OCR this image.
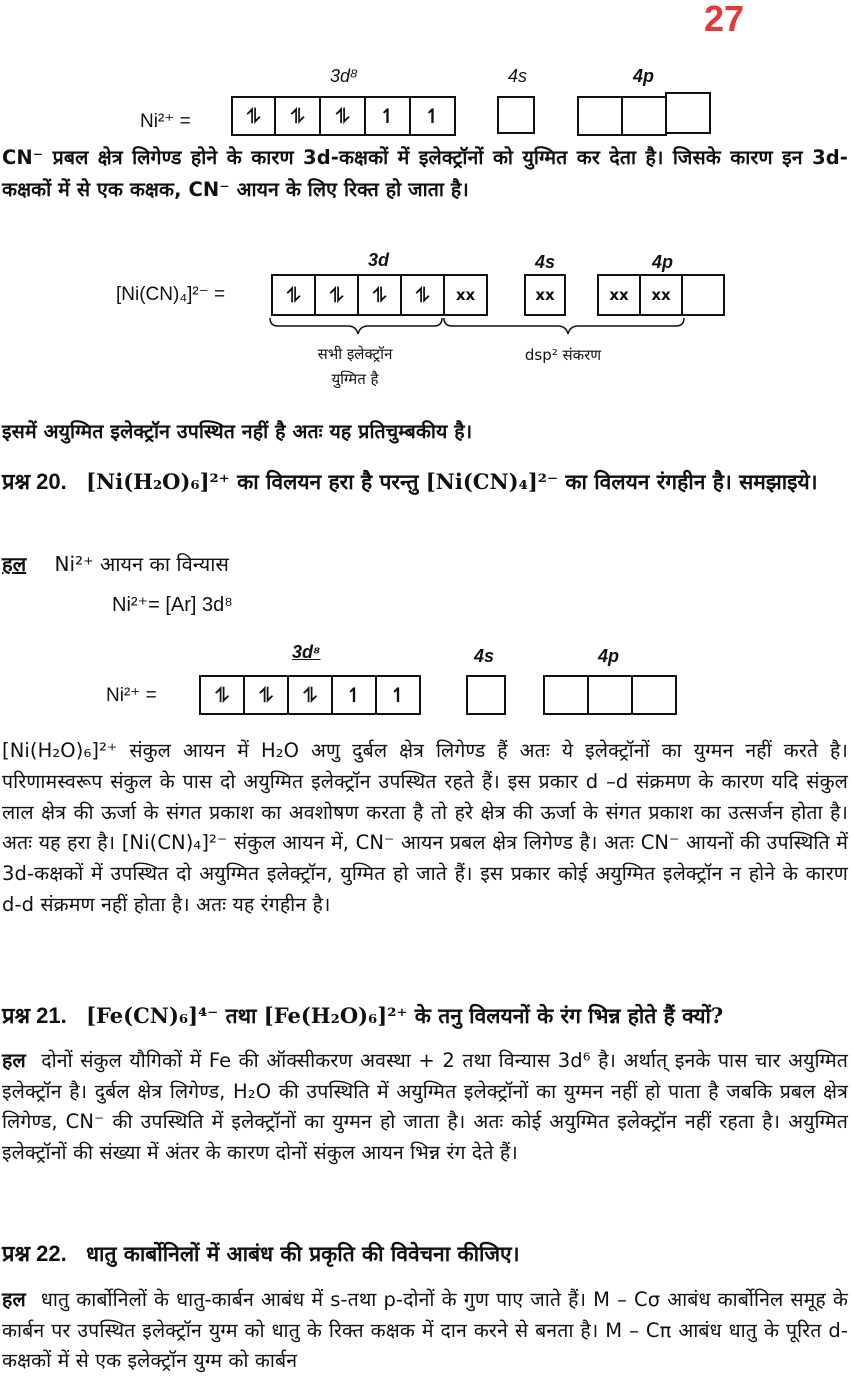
27
Ni²⁺ =
3d⁸	4s	4p
⥮	⥮	⥮	↿	↿

CN⁻ प्रबल क्षेत्र लिगेण्ड होने के कारण 3d-कक्षकों में इलेक्ट्रॉनों को युग्मित कर देता है। जिसके कारण इन 3d-कक्षकों में से एक कक्षक, CN⁻ आयन के लिए रिक्त हो जाता है।

[Ni(CN)₄]²⁻ =
3d	4s	4p
⥮	⥮	⥮	⥮	xx	xx	xx	xx
सभी इलेक्ट्रॉन
युग्मित है
dsp² संकरण

इसमें अयुग्मित इलेक्ट्रॉन उपस्थित नहीं है अतः यह प्रतिचुम्बकीय है।

प्रश्न 20. [Ni(H₂O)₆]²⁺ का विलयन हरा है परन्तु [Ni(CN)₄]²⁻ का विलयन रंगहीन है। समझाइये।
हल Ni²⁺ आयन का विन्यास
Ni²⁺= [Ar] 3d⁸
Ni²⁺ =
3d⁸	4s	4p
⥮	⥮	⥮	↿	↿

[Ni(H₂O)₆]²⁺ संकुल आयन में H₂O अणु दुर्बल क्षेत्र लिगेण्ड हैं अतः ये इलेक्ट्रॉनों का युग्मन नहीं करते है। परिणामस्वरूप संकुल के पास दो अयुग्मित इलेक्ट्रॉन उपस्थित रहते हैं। इस प्रकार d –d संक्रमण के कारण यदि संकुल लाल क्षेत्र की ऊर्जा के संगत प्रकाश का अवशोषण करता है तो हरे क्षेत्र की ऊर्जा के संगत प्रकाश का उत्सर्जन होता है। अतः यह हरा है। [Ni(CN)₄]²⁻ संकुल आयन में, CN⁻ आयन प्रबल क्षेत्र लिगेण्ड है। अतः CN⁻ आयनों की उपस्थिति में 3d-कक्षकों में उपस्थित दो अयुग्मित इलेक्ट्रॉन, युग्मित हो जाते हैं। इस प्रकार कोई अयुग्मित इलेक्ट्रॉन न होने के कारण d-d संक्रमण नहीं होता है। अतः यह रंगहीन है।

प्रश्न 21. [Fe(CN)₆]⁴⁻ तथा [Fe(H₂O)₆]²⁺ के तनु विलयनों के रंग भिन्न होते हैं क्यों?

हल दोनों संकुल यौगिकों में Fe की ऑक्सीकरण अवस्था + 2 तथा विन्यास 3d⁶ है। अर्थात् इनके पास चार अयुग्मित इलेक्ट्रॉन है। दुर्बल क्षेत्र लिगेण्ड, H₂O की उपस्थिति में अयुग्मित इलेक्ट्रॉनों का युग्मन नहीं हो पाता है जबकि प्रबल क्षेत्र लिगेण्ड, CN⁻ की उपस्थिति में इलेक्ट्रॉनों का युग्मन हो जाता है। अतः कोई अयुग्मित इलेक्ट्रॉन नहीं रहता है। अयुग्मित इलेक्ट्रॉनों की संख्या में अंतर के कारण दोनों संकुल आयन भिन्न रंग देते हैं।

प्रश्न 22. धातु कार्बोनिलों में आबंध की प्रकृति की विवेचना कीजिए।

हल धातु कार्बोनिलों के धातु-कार्बन आबंध में s-तथा p-दोनों के गुण पाए जाते हैं। M – Cσ आबंध कार्बोनिल समूह के कार्बन पर उपस्थित इलेक्ट्रॉन युग्म को धातु के रिक्त कक्षक में दान करने से बनता है। M – Cπ आबंध धातु के पूरित d-कक्षकों में से एक इलेक्ट्रॉन युग्म को कार्बन
